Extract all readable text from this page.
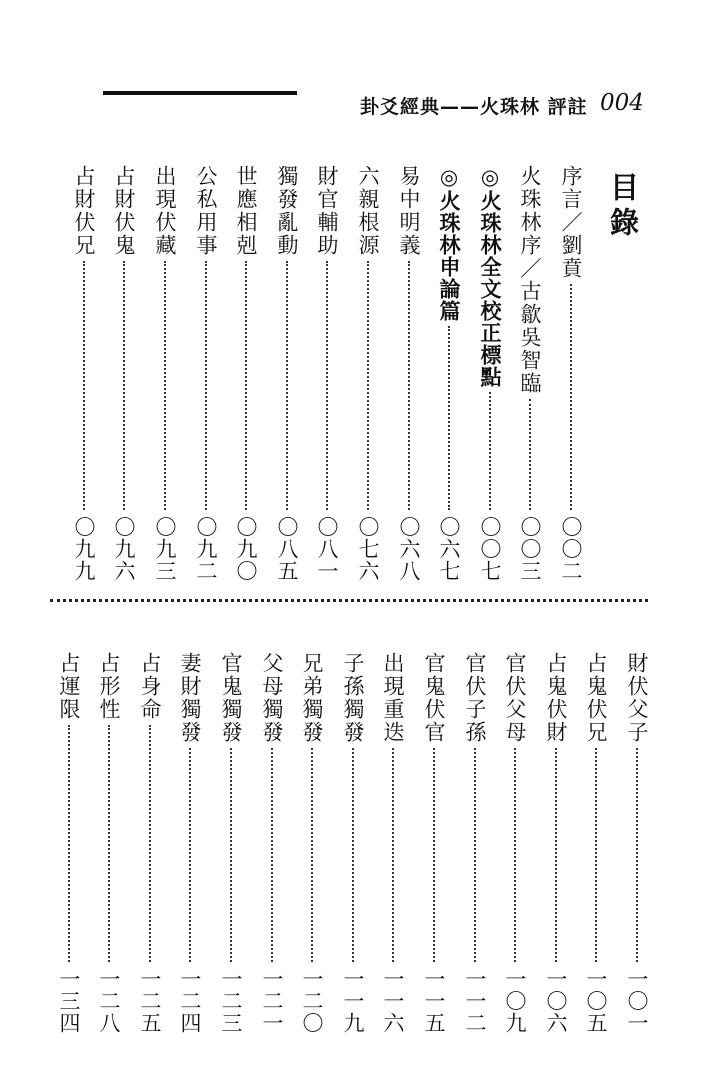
卦爻經典——火珠林 評註 004
目錄
序言／劉賁
〇〇二
火珠林序／古歙吳智臨
〇〇三
◎火珠林全文校正標點
〇〇七
◎火珠林申論篇
〇六七
易中明義
〇六八
六親根源
〇七六
財官輔助
〇八一
獨發亂動
〇八五
世應相剋
〇九〇
公私用事
〇九二
出現伏藏
〇九三
占財伏鬼
〇九六
占財伏兄
〇九九
財伏父子
一〇一
占鬼伏兄
一〇五
占鬼伏財
一〇六
官伏父母
一〇九
官伏子孫
一一二
官鬼伏官
一一五
出現重迭
一一六
子孫獨發
一一九
兄弟獨發
一二〇
父母獨發
一二一
官鬼獨發
一二三
妻財獨發
一二四
占身命
一二五
占形性
一二八
占運限
一三四
